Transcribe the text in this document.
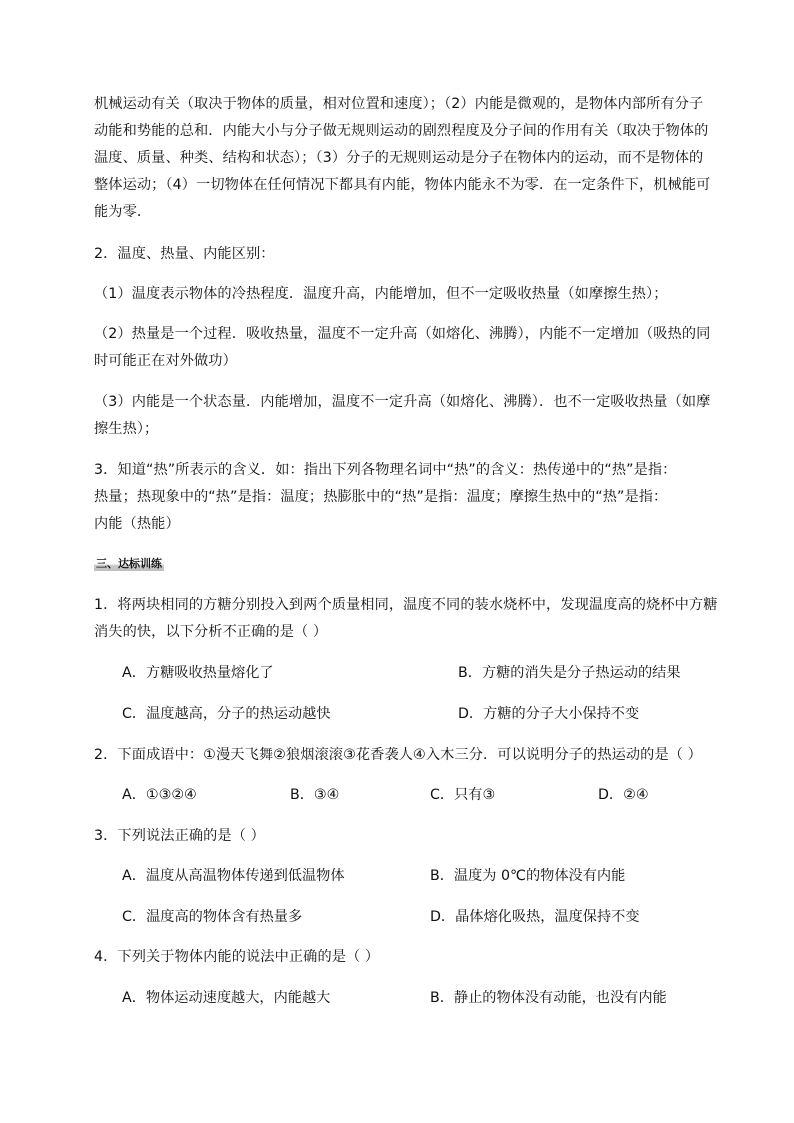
机械运动有关（取决于物体的质量，相对位置和速度）；（2）内能是微观的，是物体内部所有分子
动能和势能的总和．内能大小与分子做无规则运动的剧烈程度及分子间的作用有关（取决于物体的
温度、质量、种类、结构和状态）；（3）分子的无规则运动是分子在物体内的运动，而不是物体的
整体运动；（4）一切物体在任何情况下都具有内能，物体内能永不为零．在一定条件下，机械能可
能为零．
2．温度、热量、内能区别：
（1）温度表示物体的冷热程度．温度升高，内能增加，但不一定吸收热量（如摩擦生热）；
（2）热量是一个过程．吸收热量，温度不一定升高（如熔化、沸腾），内能不一定增加（吸热的同
时可能正在对外做功）
（3）内能是一个状态量．内能增加，温度不一定升高（如熔化、沸腾）．也不一定吸收热量（如摩
擦生热）；
3．知道“热”所表示的含义．如：指出下列各物理名词中“热”的含义：热传递中的“热”是指：
热量；热现象中的“热”是指：温度；热膨胀中的“热”是指：温度；摩擦生热中的“热”是指：
内能（热能）
三、达标训练
1．将两块相同的方糖分别投入到两个质量相同，温度不同的装水烧杯中，发现温度高的烧杯中方糖
消失的快，以下分析不正确的是（ ）
A．方糖吸收热量熔化了	B．方糖的消失是分子热运动的结果
C．温度越高，分子的热运动越快	D．方糖的分子大小保持不变
2．下面成语中：①漫天飞舞②狼烟滚滚③花香袭人④入木三分．可以说明分子的热运动的是（ ）
A．①③②④	B．③④	C．只有③	D．②④
3．下列说法正确的是（ ）
A．温度从高温物体传递到低温物体	B．温度为 0℃的物体没有内能
C．温度高的物体含有热量多	D．晶体熔化吸热，温度保持不变
4．下列关于物体内能的说法中正确的是（ ）
A．物体运动速度越大，内能越大	B．静止的物体没有动能，也没有内能
